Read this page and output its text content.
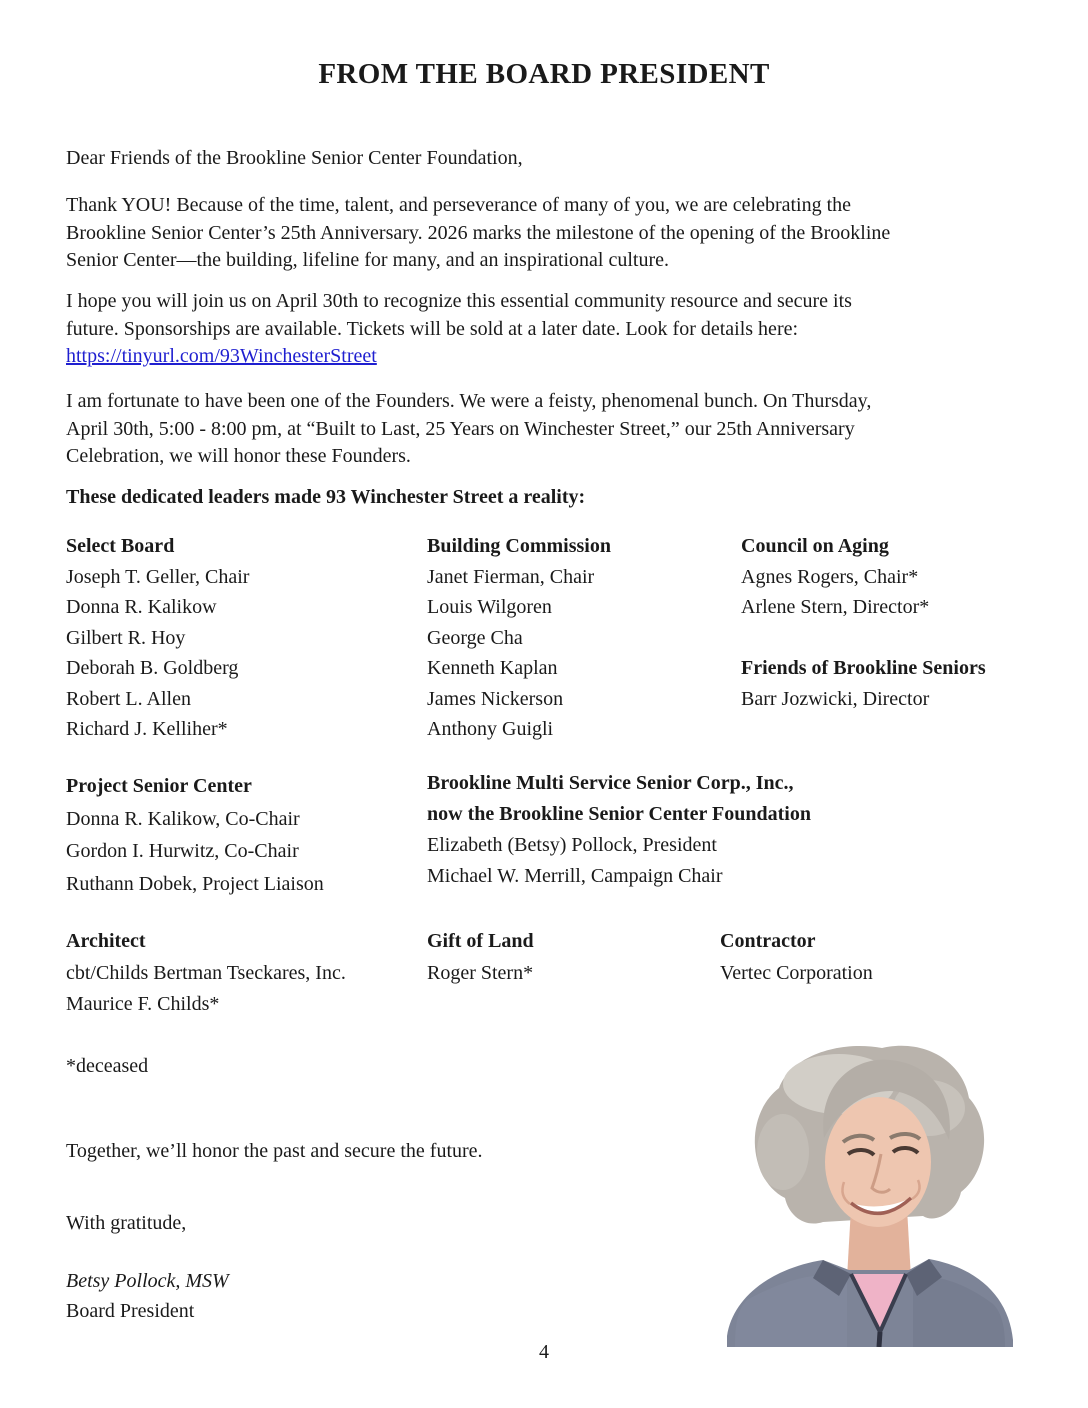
FROM THE BOARD PRESIDENT
Dear Friends of the Brookline Senior Center Foundation,
Thank YOU! Because of the time, talent, and perseverance of many of you, we are celebrating the
Brookline Senior Center’s 25th Anniversary. 2026 marks the milestone of the opening of the Brookline
Senior Center—the building, lifeline for many, and an inspirational culture.
I hope you will join us on April 30th to recognize this essential community resource and secure its
future. Sponsorships are available. Tickets will be sold at a later date. Look for details here:
https://tinyurl.com/93WinchesterStreet
I am fortunate to have been one of the Founders. We were a feisty, phenomenal bunch. On Thursday,
April 30th, 5:00 - 8:00 pm, at “Built to Last, 25 Years on Winchester Street,” our 25th Anniversary
Celebration, we will honor these Founders.
These dedicated leaders made 93 Winchester Street a reality:
Select Board
Joseph T. Geller, Chair
Donna R. Kalikow
Gilbert R. Hoy
Deborah B. Goldberg
Robert L. Allen
Richard J. Kelliher*
Building Commission
Janet Fierman, Chair
Louis Wilgoren
George Cha
Kenneth Kaplan
James Nickerson
Anthony Guigli
Council on Aging
Agnes Rogers, Chair*
Arlene Stern, Director*
Friends of Brookline Seniors
Barr Jozwicki, Director
Project Senior Center
Donna R. Kalikow, Co-Chair
Gordon I. Hurwitz, Co-Chair
Ruthann Dobek, Project Liaison
Brookline Multi Service Senior Corp., Inc.,
now the Brookline Senior Center Foundation
Elizabeth (Betsy) Pollock, President
Michael W. Merrill, Campaign Chair
Architect
cbt/Childs Bertman Tseckares, Inc.
Maurice F. Childs*
Gift of Land
Roger Stern*
Contractor
Vertec Corporation
*deceased
Together, we’ll honor the past and secure the future.
With gratitude,
Betsy Pollock, MSW
Board President
4
